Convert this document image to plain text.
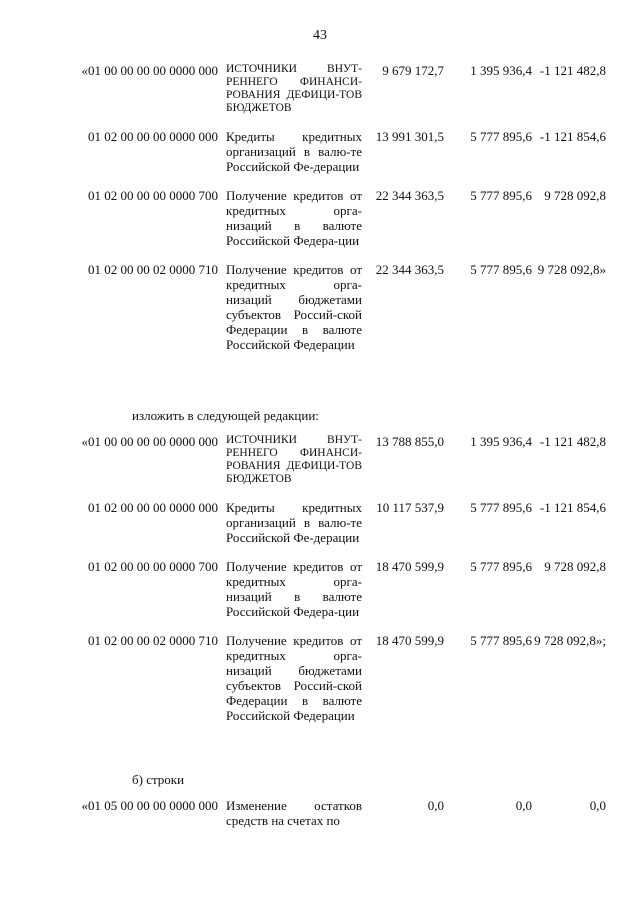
43
«01 00 00 00 00 0000 000 ИСТОЧНИКИ ВНУТ-РЕННЕГО ФИНАНСИ-РОВАНИЯ ДЕФИЦИ-ТОВ БЮДЖЕТОВ
9 679 172,7 1 395 936,4 -1 121 482,8
01 02 00 00 00 0000 000 Кредиты кредитных организаций в валю-те Российской Фе-дерации
13 991 301,5 5 777 895,6 -1 121 854,6
01 02 00 00 00 0000 700 Получение кредитов от кредитных орга-низаций в валюте Российской Федера-ции
22 344 363,5 5 777 895,6 9 728 092,8
01 02 00 00 02 0000 710 Получение кредитов от кредитных орга-низаций бюджетами субъектов Россий-ской Федерации в валюте Российской Федерации
22 344 363,5 5 777 895,6 9 728 092,8»
изложить в следующей редакции:
«01 00 00 00 00 0000 000 ИСТОЧНИКИ ВНУТ-РЕННЕГО ФИНАНСИ-РОВАНИЯ ДЕФИЦИ-ТОВ БЮДЖЕТОВ
13 788 855,0 1 395 936,4 -1 121 482,8
01 02 00 00 00 0000 000 Кредиты кредитных организаций в валю-те Российской Фе-дерации
10 117 537,9 5 777 895,6 -1 121 854,6
01 02 00 00 00 0000 700 Получение кредитов от кредитных орга-низаций в валюте Российской Федера-ции
18 470 599,9 5 777 895,6 9 728 092,8
01 02 00 00 02 0000 710 Получение кредитов от кредитных орга-низаций бюджетами субъектов Россий-ской Федерации в валюте Российской Федерации
18 470 599,9 5 777 895,6 9 728 092,8»;
б) строки
«01 05 00 00 00 0000 000 Изменение остатков средств на счетах по
0,0	0,0	0,0
